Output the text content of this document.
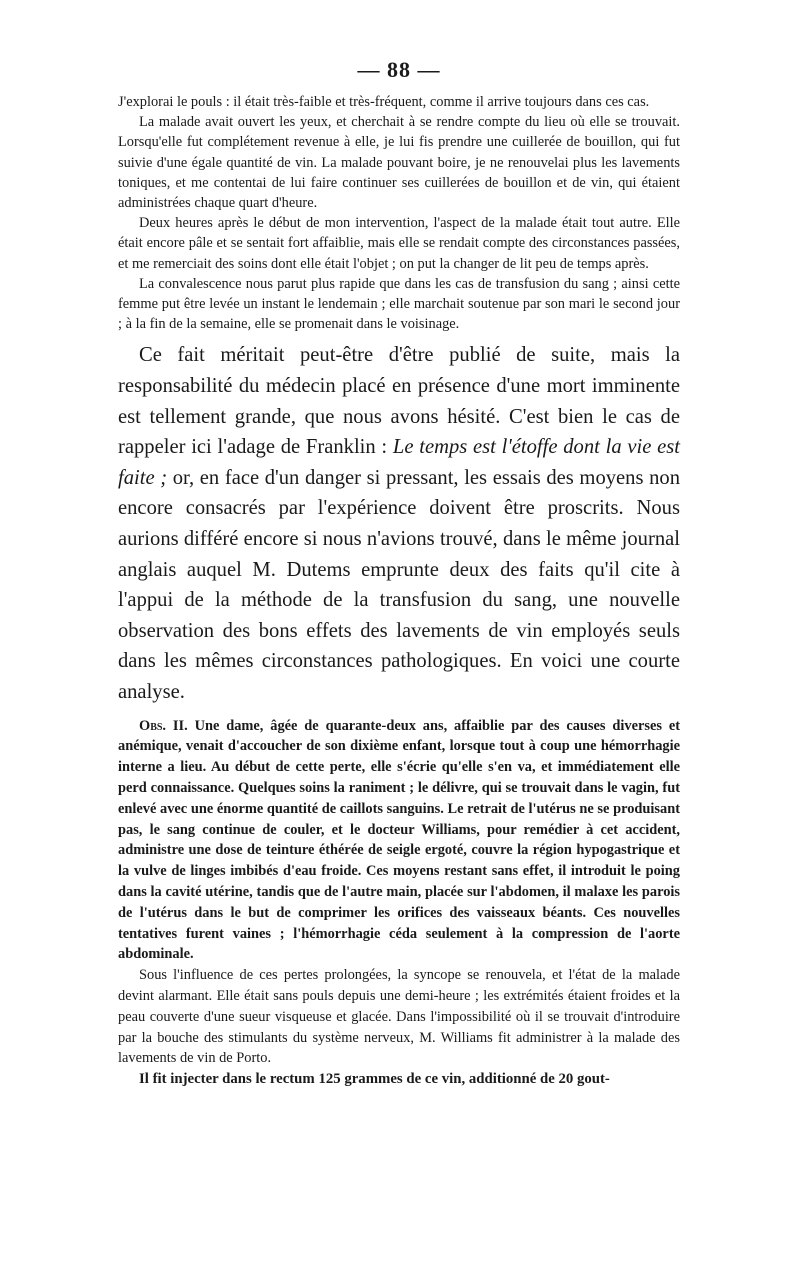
— 88 —

J'explorai le pouls : il était très-faible et très-fréquent, comme il arrive toujours dans ces cas.

La malade avait ouvert les yeux, et cherchait à se rendre compte du lieu où elle se trouvait. Lorsqu'elle fut complétement revenue à elle, je lui fis prendre une cuillerée de bouillon, qui fut suivie d'une égale quantité de vin. La malade pouvant boire, je ne renouvelai plus les lavements toniques, et me contentai de lui faire continuer ses cuillerées de bouillon et de vin, qui étaient administrées chaque quart d'heure.

Deux heures après le début de mon intervention, l'aspect de la malade était tout autre. Elle était encore pâle et se sentait fort affaiblie, mais elle se rendait compte des circonstances passées, et me remerciait des soins dont elle était l'objet ; on put la changer de lit peu de temps après.

La convalescence nous parut plus rapide que dans les cas de transfusion du sang ; ainsi cette femme put être levée un instant le lendemain ; elle marchait soutenue par son mari le second jour ; à la fin de la semaine, elle se promenait dans le voisinage.

Ce fait méritait peut-être d'être publié de suite, mais la responsabilité du médecin placé en présence d'une mort imminente est tellement grande, que nous avons hésité. C'est bien le cas de rappeler ici l'adage de Franklin : Le temps est l'étoffe dont la vie est faite ; or, en face d'un danger si pressant, les essais des moyens non encore consacrés par l'expérience doivent être proscrits. Nous aurions différé encore si nous n'avions trouvé, dans le même journal anglais auquel M. Dutems emprunte deux des faits qu'il cite à l'appui de la méthode de la transfusion du sang, une nouvelle observation des bons effets des lavements de vin employés seuls dans les mêmes circonstances pathologiques. En voici une courte analyse.

Obs. II. Une dame, âgée de quarante-deux ans, affaiblie par des causes diverses et anémique, venait d'accoucher de son dixième enfant, lorsque tout à coup une hémorrhagie interne a lieu. Au début de cette perte, elle s'écrie qu'elle s'en va, et immédiatement elle perd connaissance. Quelques soins la raniment ; le délivre, qui se trouvait dans le vagin, fut enlevé avec une énorme quantité de caillots sanguins. Le retrait de l'utérus ne se produisant pas, le sang continue de couler, et le docteur Williams, pour remédier à cet accident, administre une dose de teinture éthérée de seigle ergoté, couvre la région hypogastrique et la vulve de linges imbibés d'eau froide. Ces moyens restant sans effet, il introduit le poing dans la cavité utérine, tandis que de l'autre main, placée sur l'abdomen, il malaxe les parois de l'utérus dans le but de comprimer les orifices des vaisseaux béants. Ces nouvelles tentatives furent vaines ; l'hémorrhagie céda seulement à la compression de l'aorte abdominale.

Sous l'influence de ces pertes prolongées, la syncope se renouvela, et l'état de la malade devint alarmant. Elle était sans pouls depuis une demi-heure ; les extrémités étaient froides et la peau couverte d'une sueur visqueuse et glacée. Dans l'impossibilité où il se trouvait d'introduire par la bouche des stimulants du système nerveux, M. Williams fit administrer à la malade des lavements de vin de Porto.

Il fit injecter dans le rectum 125 grammes de ce vin, additionné de 20 gout-
